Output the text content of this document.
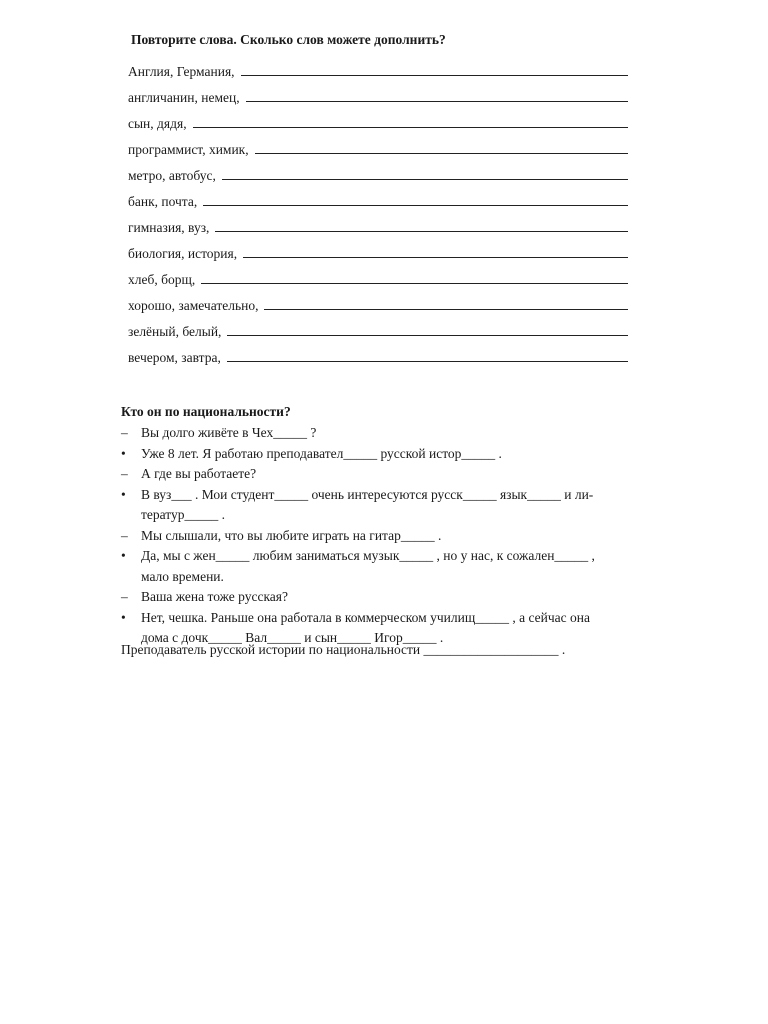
Повторите слова. Сколько слов можете дополнить?
Англия, Германия,
англичанин, немец,
сын, дядя,
программист, химик,
метро, автобус,
банк, почта,
гимназия, вуз,
биология, история,
хлеб, борщ,
хорошо, замечательно,
зелёный, белый,
вечером, завтра,
Кто он по национальности?
– Вы долго живёте в Чех_____ ?
•	Уже 8 лет. Я работаю преподавател_____ русской истор_____ .
– А где вы работаете?
•	В вуз___ . Мои студент_____ очень интересуются русск_____ язык_____ и ли-
тератур_____ .
– Мы слышали, что вы любите играть на гитар_____ .
•	Да, мы с жен_____ любим заниматься музык_____ , но у нас, к сожален_____ ,
мало времени.
– Ваша жена тоже русская?
•	Нет, чешка. Раньше она работала в коммерческом училищ_____ , а сейчас она
дома с дочк_____ Вал_____ и сын_____ Игор_____ .
Преподаватель русской истории по национальности ____________________ .
